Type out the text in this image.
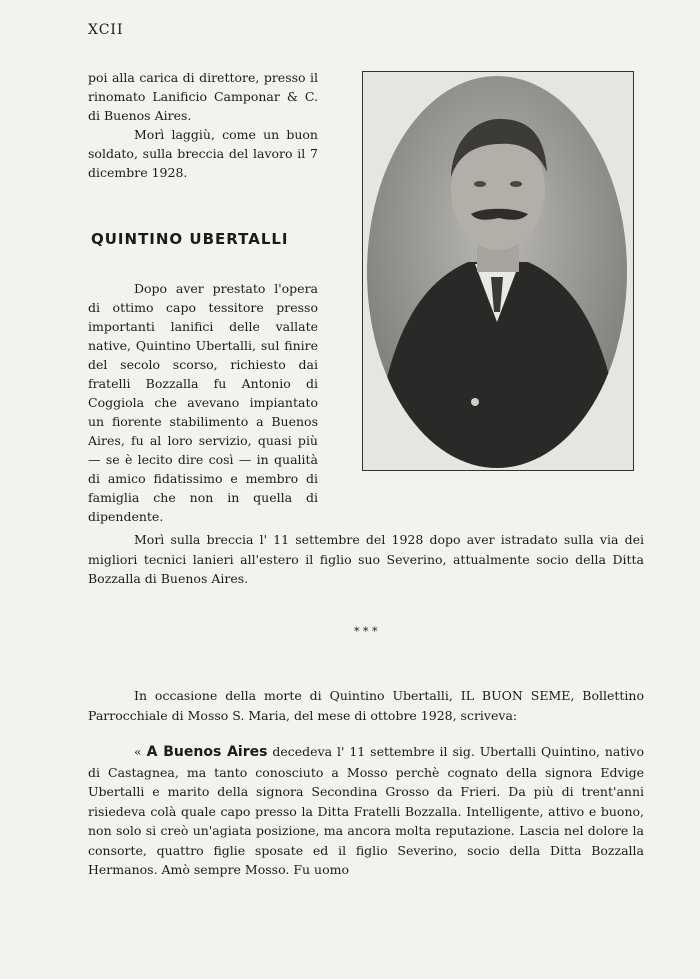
XCII

poi alla carica di direttore, presso il rinomato Lanificio Camponar & C. di Buenos Aires.

Morì laggiù, come un buon soldato, sulla breccia del lavoro il 7 dicembre 1928.

QUINTINO UBERTALLI

Dopo aver prestato l'opera di ottimo capo tessitore presso importanti lanifici delle vallate native, Quintino Ubertalli, sul finire del secolo scorso, richiesto dai fratelli Bozzalla fu Antonio di Coggiola che avevano impiantato un fiorente stabilimento a Buenos Aires, fu al loro servizio, quasi più — se è lecito dire così — in qualità di amico fidatissimo e membro di famiglia che non in quella di dipendente.

Morì sulla breccia l' 11 settembre del 1928 dopo aver istradato sulla via dei migliori tecnici lanieri all'estero il figlio suo Severino, attualmente socio della Ditta Bozzalla di Buenos Aires.

* * *

In occasione della morte di Quintino Ubertalli, IL BUON SEME, Bollettino Parrocchiale di Mosso S. Maria, del mese di ottobre 1928, scriveva:

« A Buenos Aires decedeva l' 11 settembre il sig. Ubertalli Quintino, nativo di Castagnea, ma tanto conosciuto a Mosso perchè cognato della signora Edvige Ubertalli e marito della signora Secondina Grosso da Frieri. Da più di trent'anni risiedeva colà quale capo presso la Ditta Fratelli Bozzalla. Intelligente, attivo e buono, non solo si creò un'agiata posizione, ma ancora molta reputazione. Lascia nel dolore la consorte, quattro figlie sposate ed il figlio Severino, socio della Ditta Bozzalla Hermanos. Amò sempre Mosso. Fu uomo
